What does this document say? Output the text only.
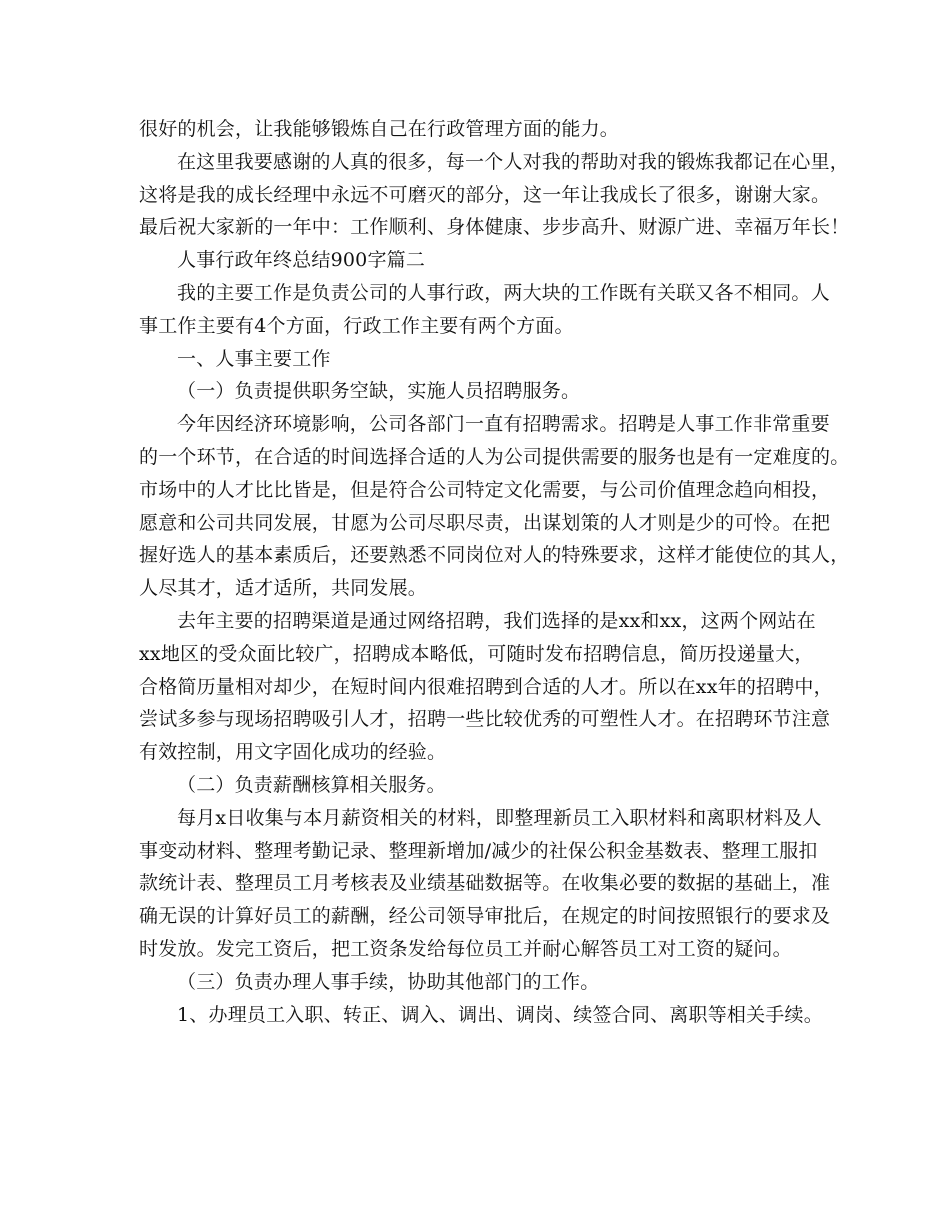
很好的机会，让我能够锻炼自己在行政管理方面的能力。
在这里我要感谢的人真的很多，每一个人对我的帮助对我的锻炼我都记在心里，
这将是我的成长经理中永远不可磨灭的部分，这一年让我成长了很多，谢谢大家。
最后祝大家新的一年中：工作顺利、身体健康、步步高升、财源广进、幸福万年长！
人事行政年终总结900字篇二
我的主要工作是负责公司的人事行政，两大块的工作既有关联又各不相同。人
事工作主要有4个方面，行政工作主要有两个方面。
一、人事主要工作
（一）负责提供职务空缺，实施人员招聘服务。
今年因经济环境影响，公司各部门一直有招聘需求。招聘是人事工作非常重要
的一个环节，在合适的时间选择合适的人为公司提供需要的服务也是有一定难度的。
市场中的人才比比皆是，但是符合公司特定文化需要，与公司价值理念趋向相投，
愿意和公司共同发展，甘愿为公司尽职尽责，出谋划策的人才则是少的可怜。在把
握好选人的基本素质后，还要熟悉不同岗位对人的特殊要求，这样才能使位的其人，
人尽其才，适才适所，共同发展。
去年主要的招聘渠道是通过网络招聘，我们选择的是xx和xx，这两个网站在
xx地区的受众面比较广，招聘成本略低，可随时发布招聘信息，简历投递量大，
合格简历量相对却少，在短时间内很难招聘到合适的人才。所以在xx年的招聘中，
尝试多参与现场招聘吸引人才，招聘一些比较优秀的可塑性人才。在招聘环节注意
有效控制，用文字固化成功的经验。
（二）负责薪酬核算相关服务。
每月x日收集与本月薪资相关的材料，即整理新员工入职材料和离职材料及人
事变动材料、整理考勤记录、整理新增加/减少的社保公积金基数表、整理工服扣
款统计表、整理员工月考核表及业绩基础数据等。在收集必要的数据的基础上，准
确无误的计算好员工的薪酬，经公司领导审批后，在规定的时间按照银行的要求及
时发放。发完工资后，把工资条发给每位员工并耐心解答员工对工资的疑问。
（三）负责办理人事手续，协助其他部门的工作。
1、办理员工入职、转正、调入、调出、调岗、续签合同、离职等相关手续。
